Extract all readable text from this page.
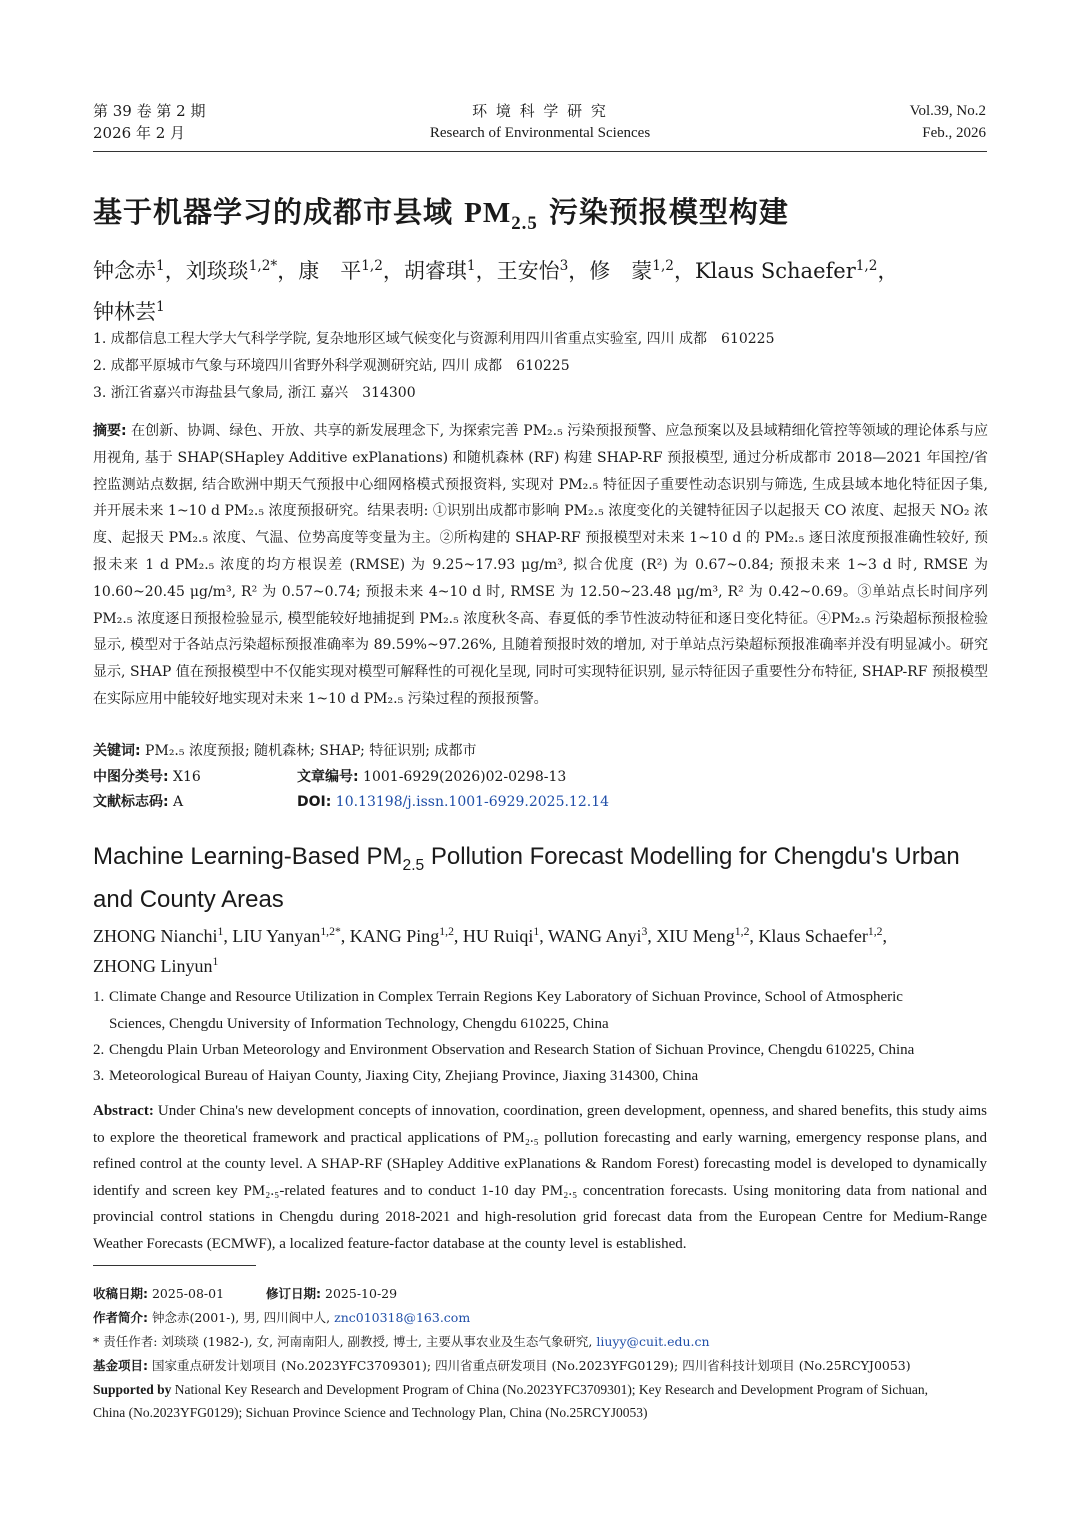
第 39 卷 第 2 期
2026 年 2 月
环 境 科 学 研 究
Research of Environmental Sciences
Vol.39, No.2
Feb., 2026
基于机器学习的成都市县域 $PM_{2.5}$ 污染预报模型构建
钟念赤$^1$，刘琰琰$^{1,2*}$，康　平$^{1,2}$，胡睿琪$^1$，王安怡$^3$，修　蒙$^{1,2}$，Klaus Schaefer$^{1,2}$，
钟林芸$^1$
1. 成都信息工程大学大气科学学院, 复杂地形区域气候变化与资源利用四川省重点实验室, 四川 成都　610225
2. 成都平原城市气象与环境四川省野外科学观测研究站, 四川 成都　610225
3. 浙江省嘉兴市海盐县气象局, 浙江 嘉兴　314300
摘要: 在创新、协调、绿色、开放、共享的新发展理念下, 为探索完善 PM₂.₅ 污染预报预警、应急预案以及县域精细化管控等领域的理论体系与应用视角, 基于 SHAP(SHapley Additive exPlanations) 和随机森林 (RF) 构建 SHAP-RF 预报模型, 通过分析成都市 2018—2021 年国控/省控监测站点数据, 结合欧洲中期天气预报中心细网格模式预报资料, 实现对 PM₂.₅ 特征因子重要性动态识别与筛选, 生成县域本地化特征因子集, 并开展未来 1~10 d PM₂.₅ 浓度预报研究。结果表明: ①识别出成都市影响 PM₂.₅ 浓度变化的关键特征因子以起报天 CO 浓度、起报天 NO₂ 浓度、起报天 PM₂.₅ 浓度、气温、位势高度等变量为主。②所构建的 SHAP-RF 预报模型对未来 1~10 d 的 PM₂.₅ 逐日浓度预报准确性较好, 预报未来 1 d PM₂.₅ 浓度的均方根误差 (RMSE) 为 9.25~17.93 μg/m³, 拟合优度 (R²) 为 0.67~0.84; 预报未来 1~3 d 时, RMSE 为 10.60~20.45 μg/m³, R² 为 0.57~0.74; 预报未来 4~10 d 时, RMSE 为 12.50~23.48 μg/m³, R² 为 0.42~0.69。③单站点长时间序列 PM₂.₅ 浓度逐日预报检验显示, 模型能较好地捕捉到 PM₂.₅ 浓度秋冬高、春夏低的季节性波动特征和逐日变化特征。④PM₂.₅ 污染超标预报检验显示, 模型对于各站点污染超标预报准确率为 89.59%~97.26%, 且随着预报时效的增加, 对于单站点污染超标预报准确率并没有明显减小。研究显示, SHAP 值在预报模型中不仅能实现对模型可解释性的可视化呈现, 同时可实现特征识别, 显示特征因子重要性分布特征, SHAP-RF 预报模型在实际应用中能较好地实现对未来 1~10 d PM₂.₅ 污染过程的预报预警。
关键词: PM₂.₅ 浓度预报; 随机森林; SHAP; 特征识别; 成都市
中图分类号: X16	文章编号: 1001-6929(2026)02-0298-13
文献标志码: A	DOI: 10.13198/j.issn.1001-6929.2025.12.14
Machine Learning-Based $PM_{2.5}$ Pollution Forecast Modelling for Chengdu's Urban
and County Areas
ZHONG Nianchi$^1$, LIU Yanyan$^{1,2*}$, KANG Ping$^{1,2}$, HU Ruiqi$^1$, WANG Anyi$^3$, XIU Meng$^{1,2}$, Klaus Schaefer$^{1,2}$,
ZHONG Linyun$^1$
1. Climate Change and Resource Utilization in Complex Terrain Regions Key Laboratory of Sichuan Province, School of Atmospheric
Sciences, Chengdu University of Information Technology, Chengdu 610225, China
2. Chengdu Plain Urban Meteorology and Environment Observation and Research Station of Sichuan Province, Chengdu 610225, China
3. Meteorological Bureau of Haiyan County, Jiaxing City, Zhejiang Province, Jiaxing 314300, China
Abstract: Under China's new development concepts of innovation, coordination, green development, openness, and shared benefits, this study aims to explore the theoretical framework and practical applications of PM₂.₅ pollution forecasting and early warning, emergency response plans, and refined control at the county level. A SHAP-RF (SHapley Additive exPlanations & Random Forest) forecasting model is developed to dynamically identify and screen key PM₂.₅-related features and to conduct 1-10 day PM₂.₅ concentration forecasts. Using monitoring data from national and provincial control stations in Chengdu during 2018-2021 and high-resolution grid forecast data from the European Centre for Medium-Range Weather Forecasts (ECMWF), a localized feature-factor database at the county level is established.
收稿日期: 2025-08-01	修订日期: 2025-10-29
作者简介: 钟念赤(2001-), 男, 四川阆中人, znc010318@163.com
* 责任作者: 刘琰琰 (1982-), 女, 河南南阳人, 副教授, 博士, 主要从事农业及生态气象研究, liuyy@cuit.edu.cn
基金项目: 国家重点研发计划项目 (No.2023YFC3709301); 四川省重点研发项目 (No.2023YFG0129); 四川省科技计划项目 (No.25RCYJ0053)
Supported by National Key Research and Development Program of China (No.2023YFC3709301); Key Research and Development Program of Sichuan,
China (No.2023YFG0129); Sichuan Province Science and Technology Plan, China (No.25RCYJ0053)
